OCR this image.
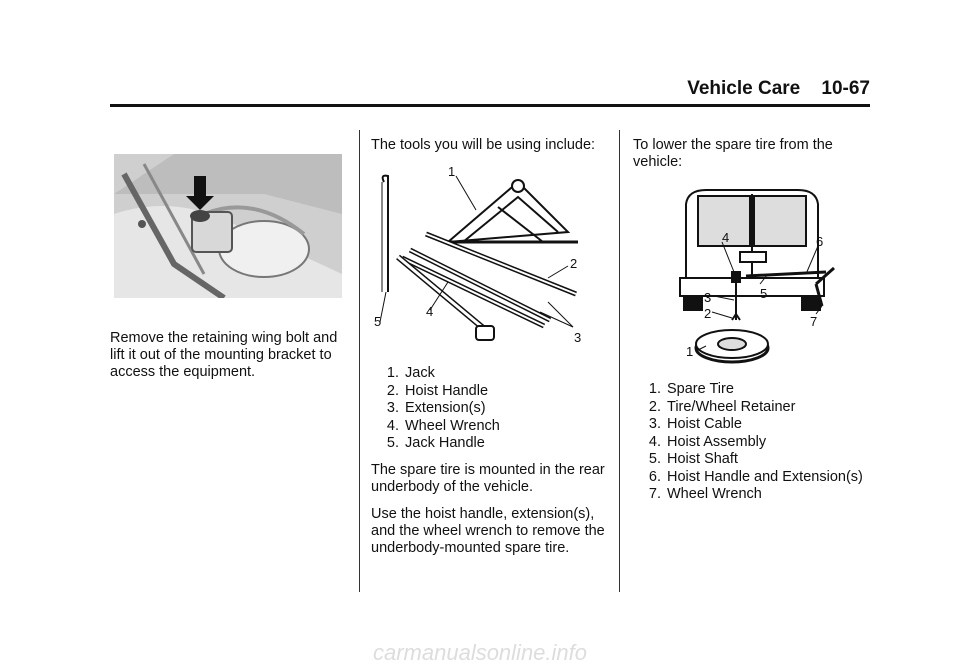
Vehicle Care 10-67

Remove the retaining wing bolt and lift it out of the mounting bracket to access the equipment.

The tools you will be using include:

1
2
3
4
5
1. Jack
2. Hoist Handle
3. Extension(s)
4. Wheel Wrench
5. Jack Handle

The spare tire is mounted in the rear underbody of the vehicle.

Use the hoist handle, extension(s), and the wheel wrench to remove the underbody-mounted spare tire.

To lower the spare tire from the vehicle:

1
2
3
4
5
6
7
1. Spare Tire
2. Tire/Wheel Retainer
3. Hoist Cable
4. Hoist Assembly
5. Hoist Shaft
6. Hoist Handle and Extension(s)
7. Wheel Wrench
carmanualsonline.info
